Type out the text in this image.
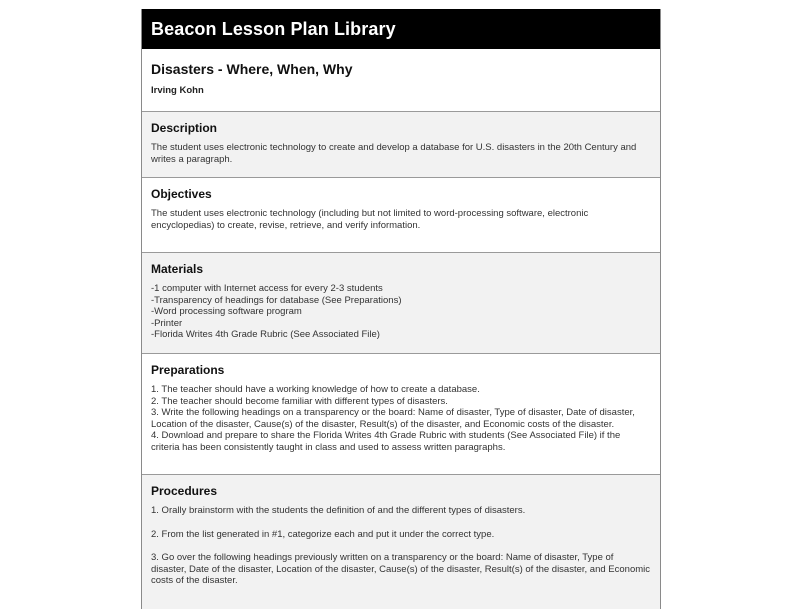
Beacon Lesson Plan Library
Disasters - Where, When, Why
Irving Kohn
Description

The student uses electronic technology to create and develop a database for U.S. disasters in the 20th Century and writes a paragraph.

Objectives

The student uses electronic technology (including but not limited to word-processing software, electronic encyclopedias) to create, revise, retrieve, and verify information.

Materials
-1 computer with Internet access for every 2-3 students
-Transparency of headings for database (See Preparations)
-Word processing software program
-Printer
-Florida Writes 4th Grade Rubric (See Associated File)
Preparations
1. The teacher should have a working knowledge of how to create a database.
2. The teacher should become familiar with different types of disasters.
3. Write the following headings on a transparency or the board: Name of disaster, Type of disaster, Date of disaster, Location of the disaster, Cause(s) of the disaster, Result(s) of the disaster, and Economic costs of the disaster.
4. Download and prepare to share the Florida Writes 4th Grade Rubric with students (See Associated File) if the criteria has been consistently taught in class and used to assess written paragraphs.
Procedures
1. Orally brainstorm with the students the definition of and the different types of disasters.
2. From the list generated in #1, categorize each and put it under the correct type.
3. Go over the following headings previously written on a transparency or the board: Name of disaster, Type of disaster, Date of the disaster, Location of the disaster, Cause(s) of the disaster, Result(s) of the disaster, and Economic costs of the disaster.
